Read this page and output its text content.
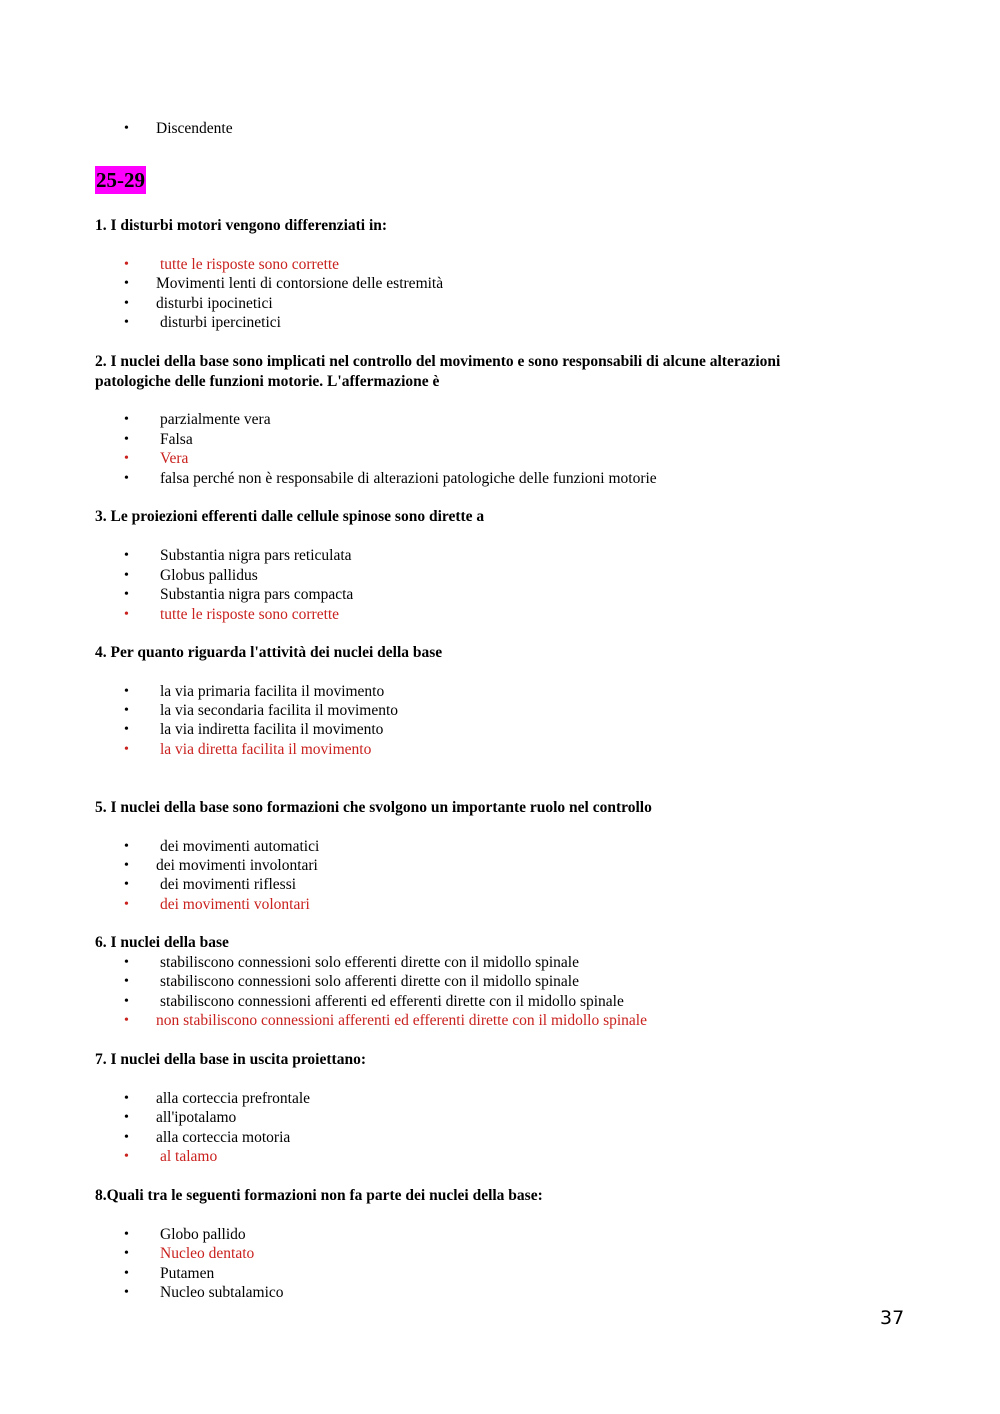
•	Discendente
25-29
1. I disturbi motori vengono differenziati in:
•	tutte le risposte sono corrette
•	Movimenti lenti di contorsione delle estremità
•	disturbi ipocinetici
•	disturbi ipercinetici
2. I nuclei della base sono implicati nel controllo del movimento e sono responsabili di alcune alterazioni
patologiche delle funzioni motorie. L'affermazione è
•	parzialmente vera
•	Falsa
•	Vera
•	falsa perché non è responsabile di alterazioni patologiche delle funzioni motorie
3. Le proiezioni efferenti dalle cellule spinose sono dirette a
•	Substantia nigra pars reticulata
•	Globus pallidus
•	Substantia nigra pars compacta
•	tutte le risposte sono corrette
4. Per quanto riguarda l'attività dei nuclei della base
•	la via primaria facilita il movimento
•	la via secondaria facilita il movimento
•	la via indiretta facilita il movimento
•	la via diretta facilita il movimento
5. I nuclei della base sono formazioni che svolgono un importante ruolo nel controllo
•	dei movimenti automatici
•	dei movimenti involontari
•	dei movimenti riflessi
•	dei movimenti volontari
6. I nuclei della base
•	stabiliscono connessioni solo efferenti dirette con il midollo spinale
•	stabiliscono connessioni solo afferenti dirette con il midollo spinale
•	stabiliscono connessioni afferenti ed efferenti dirette con il midollo spinale
•	non stabiliscono connessioni afferenti ed efferenti dirette con il midollo spinale
7. I nuclei della base in uscita proiettano:
•	alla corteccia prefrontale
•	all'ipotalamo
•	alla corteccia motoria
•	al talamo
8.Quali tra le seguenti formazioni non fa parte dei nuclei della base:
•	Globo pallido
•	Nucleo dentato
•	Putamen
•	Nucleo subtalamico
37
